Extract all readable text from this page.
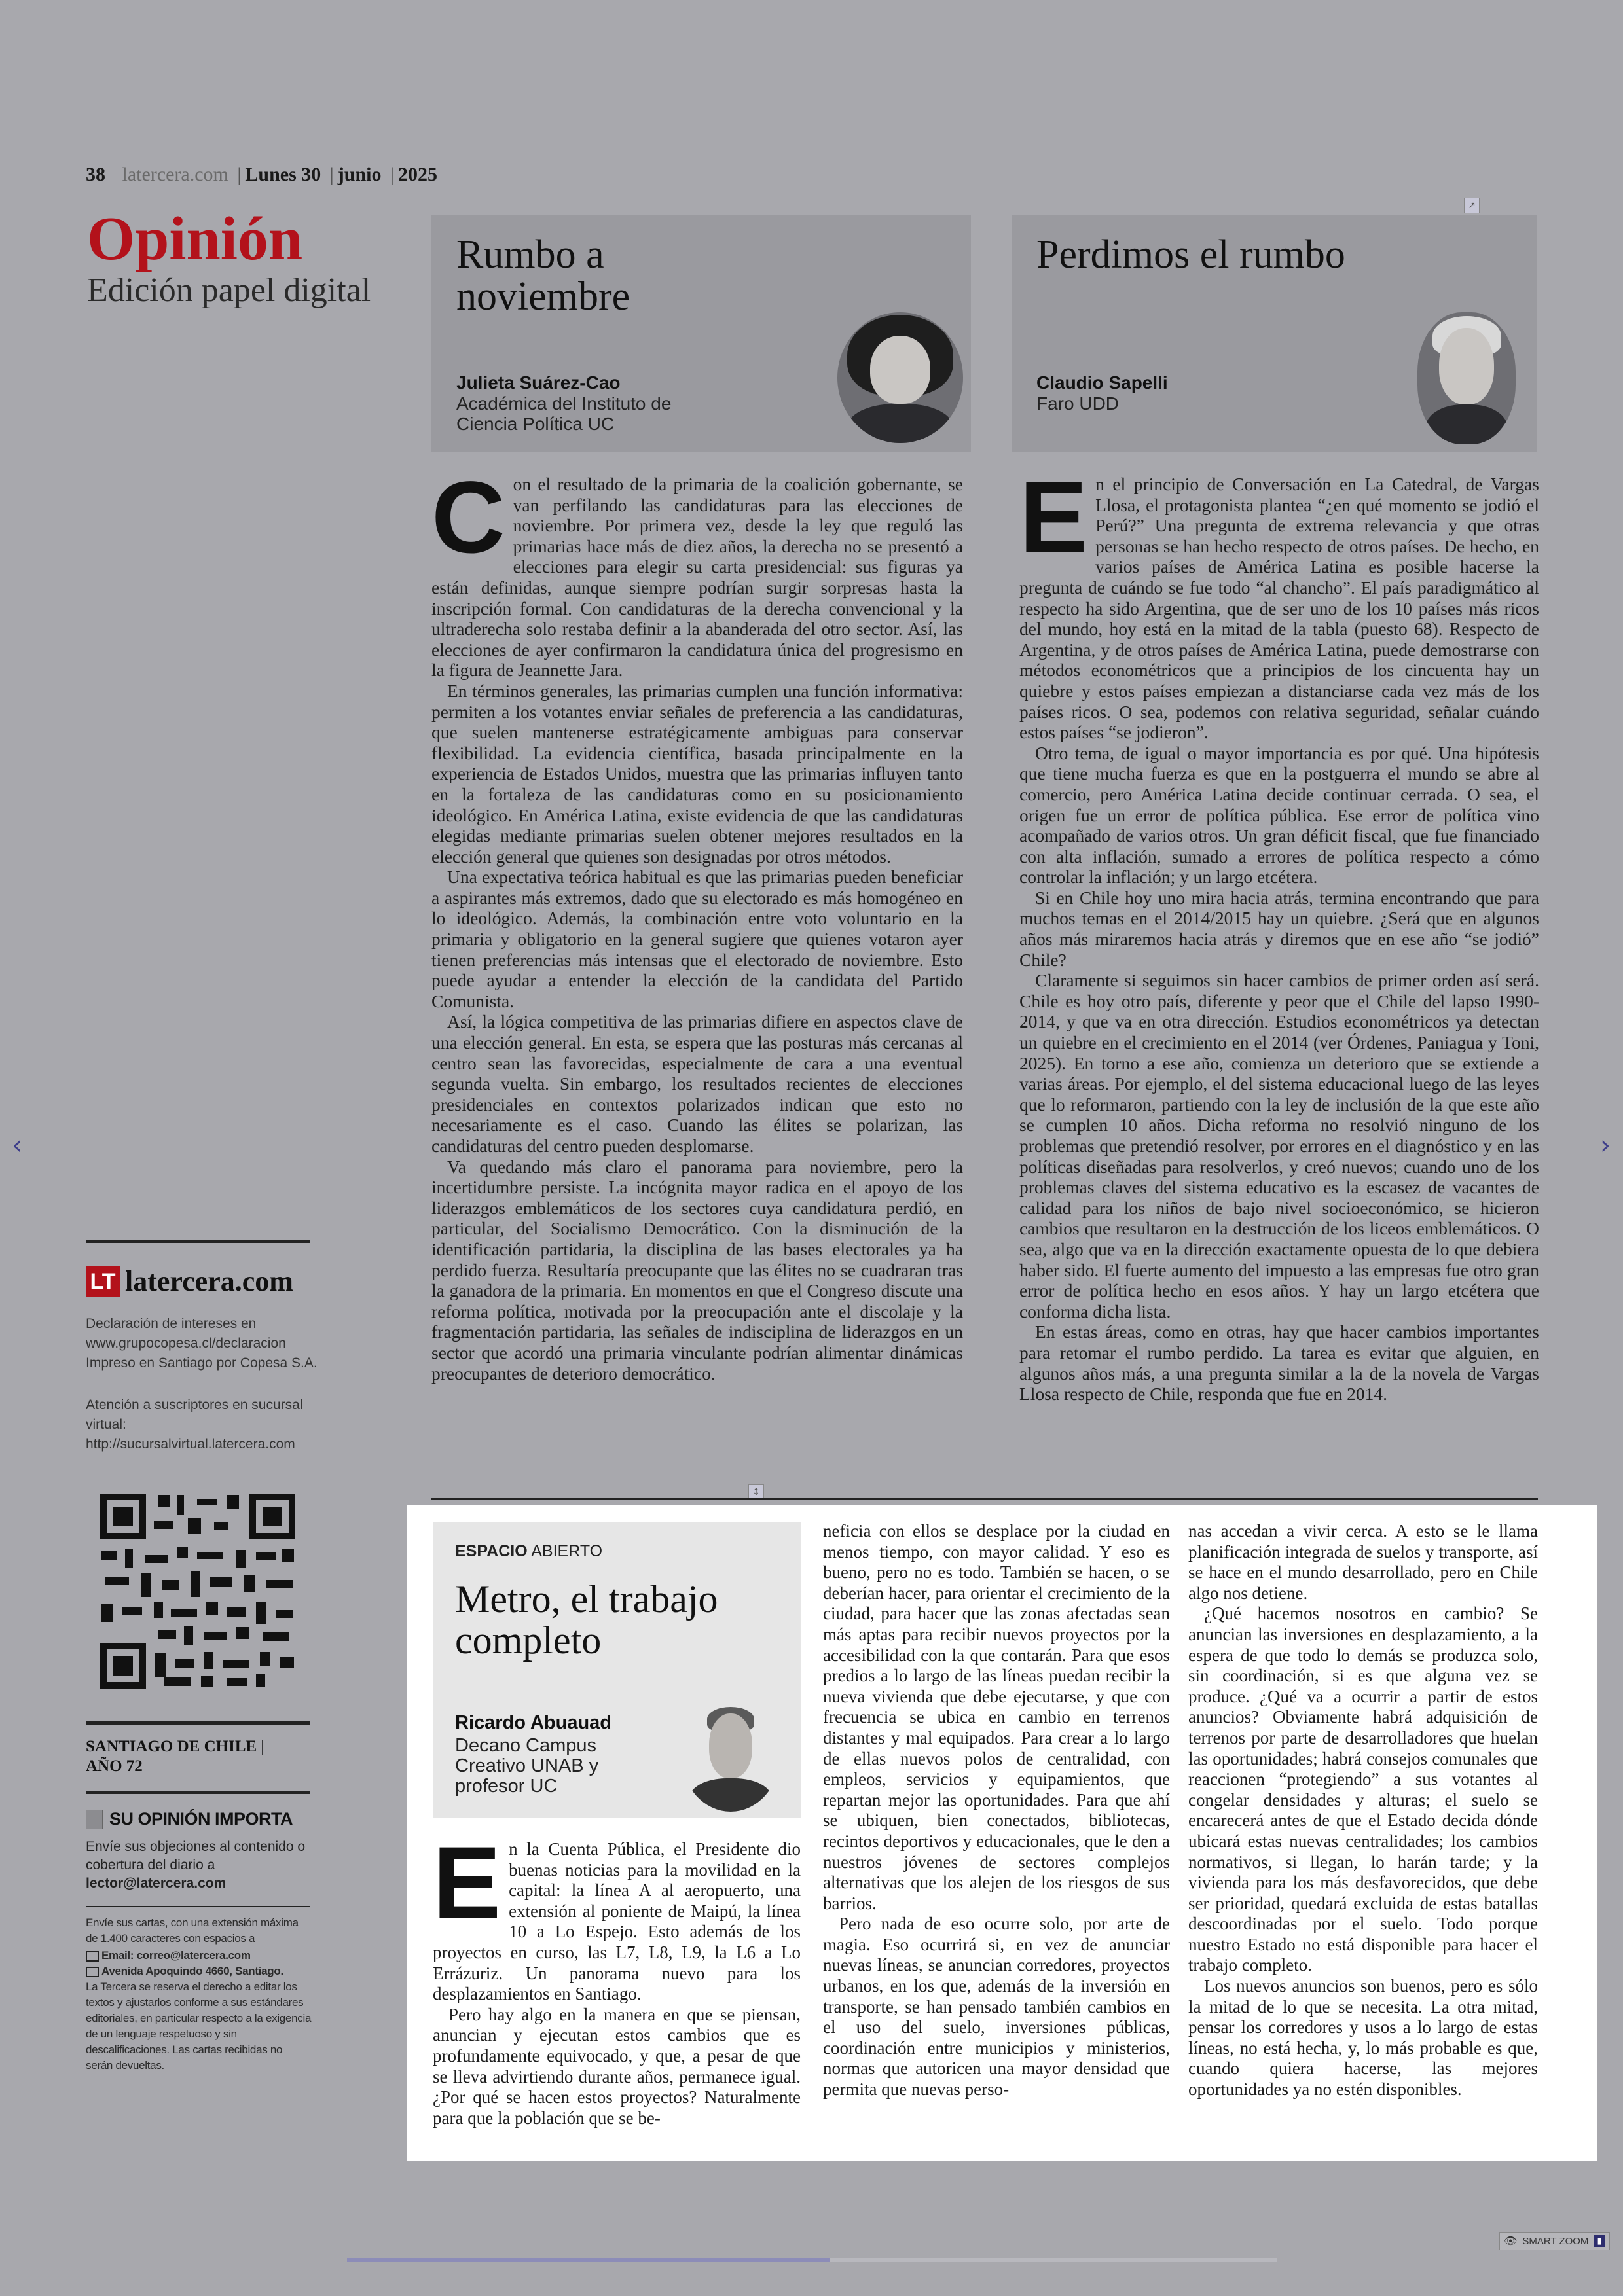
‹	›
38 latercera.com | Lunes 30 | junio | 2025
Opinión
Edición papel digital
↗
↕
Rumbo a noviembre
Julieta Suárez-Cao
Académica del Instituto de Ciencia Política UC
Perdimos el rumbo
Claudio Sapelli
Faro UDD

Con el resultado de la primaria de la coalición gobernante, se van perfilando las candidaturas para las elecciones de noviembre. Por primera vez, desde la ley que reguló las primarias hace más de diez años, la derecha no se presentó a elecciones para elegir su carta presidencial: sus figuras ya están definidas, aunque siempre podrían surgir sorpresas hasta la inscripción formal. Con candidaturas de la derecha convencional y la ultraderecha solo restaba definir a la abanderada del otro sector. Así, las elecciones de ayer confirmaron la candidatura única del progresismo en la figura de Jeannette Jara.

En términos generales, las primarias cumplen una función informativa: permiten a los votantes enviar señales de preferencia a las candidaturas, que suelen mantenerse estratégicamente ambiguas para conservar flexibilidad. La evidencia científica, basada principalmente en la experiencia de Estados Unidos, muestra que las primarias influyen tanto en la fortaleza de las candidaturas como en su posicionamiento ideológico. En América Latina, existe evidencia de que las candidaturas elegidas mediante primarias suelen obtener mejores resultados en la elección general que quienes son designadas por otros métodos.

Una expectativa teórica habitual es que las primarias pueden beneficiar a aspirantes más extremos, dado que su electorado es más homogéneo en lo ideológico. Además, la combinación entre voto voluntario en la primaria y obligatorio en la general sugiere que quienes votaron ayer tienen preferencias más intensas que el electorado de noviembre. Esto puede ayudar a entender la elección de la candidata del Partido Comunista.

Así, la lógica competitiva de las primarias difiere en aspectos clave de una elección general. En esta, se espera que las posturas más cercanas al centro sean las favorecidas, especialmente de cara a una eventual segunda vuelta. Sin embargo, los resultados recientes de elecciones presidenciales en contextos polarizados indican que esto no necesariamente es el caso. Cuando las élites se polarizan, las candidaturas del centro pueden desplomarse.

Va quedando más claro el panorama para noviembre, pero la incertidumbre persiste. La incógnita mayor radica en el apoyo de los liderazgos emblemáticos de los sectores cuya candidatura perdió, en particular, del Socialismo Democrático. Con la disminución de la identificación partidaria, la disciplina de las bases electorales ya ha perdido fuerza. Resultaría preocupante que las élites no se cuadraran tras la ganadora de la primaria. En momentos en que el Congreso discute una reforma política, motivada por la preocupación ante el discolaje y la fragmentación partidaria, las señales de indisciplina de liderazgos en un sector que acordó una primaria vinculante podrían alimentar dinámicas preocupantes de deterioro democrático.

En el principio de Conversación en La Catedral, de Vargas Llosa, el protagonista plantea “¿en qué momento se jodió el Perú?” Una pregunta de extrema relevancia y que otras personas se han hecho respecto de otros países. De hecho, en varios países de América Latina es posible hacerse la pregunta de cuándo se fue todo “al chancho”. El país paradigmático al respecto ha sido Argentina, que de ser uno de los 10 países más ricos del mundo, hoy está en la mitad de la tabla (puesto 68). Respecto de Argentina, y de otros países de América Latina, puede demostrarse con métodos econométricos que a principios de los cincuenta hay un quiebre y estos países empiezan a distanciarse cada vez más de los países ricos. O sea, podemos con relativa seguridad, señalar cuándo estos países “se jodieron”.

Otro tema, de igual o mayor importancia es por qué. Una hipótesis que tiene mucha fuerza es que en la postguerra el mundo se abre al comercio, pero América Latina decide continuar cerrada. O sea, el origen fue un error de política pública. Ese error de política vino acompañado de varios otros. Un gran déficit fiscal, que fue financiado con alta inflación, sumado a errores de política respecto a cómo controlar la inflación; y un largo etcétera.

Si en Chile hoy uno mira hacia atrás, termina encontrando que para muchos temas en el 2014/2015 hay un quiebre. ¿Será que en algunos años más miraremos hacia atrás y diremos que en ese año “se jodió” Chile?

Claramente si seguimos sin hacer cambios de primer orden así será. Chile es hoy otro país, diferente y peor que el Chile del lapso 1990-2014, y que va en otra dirección. Estudios econométricos ya detectan un quiebre en el crecimiento en el 2014 (ver Órdenes, Paniagua y Toni, 2025). En torno a ese año, comienza un deterioro que se extiende a varias áreas. Por ejemplo, el del sistema educacional luego de las leyes que lo reformaron, partiendo con la ley de inclusión de la que este año se cumplen 10 años. Dicha reforma no resolvió ninguno de los problemas que pretendió resolver, por errores en el diagnóstico y en las políticas diseñadas para resolverlos, y creó nuevos; cuando uno de los problemas claves del sistema educativo es la escasez de vacantes de calidad para los niños de bajo nivel socioeconómico, se hicieron cambios que resultaron en la destrucción de los liceos emblemáticos. O sea, algo que va en la dirección exactamente opuesta de lo que debiera haber sido. El fuerte aumento del impuesto a las empresas fue otro gran error de política hecho en esos años. Y hay un largo etcétera que conforma dicha lista.

En estas áreas, como en otras, hay que hacer cambios importantes para retomar el rumbo perdido. La tarea es evitar que alguien, en algunos años más, a una pregunta similar a la de la novela de Vargas Llosa respecto de Chile, responda que fue en 2014.

LT latercera.com
Declaración de intereses en www.grupocopesa.cl/declaracion Impreso en Santiago por Copesa S.A.
Atención a suscriptores en sucursal virtual: http://sucursalvirtual.latercera.com
SANTIAGO DE CHILE |
AÑO 72
SU OPINIÓN IMPORTA
Envíe sus objeciones al contenido o cobertura del diario a lector@latercera.com
Envíe sus cartas, con una extensión máxima de 1.400 caracteres con espacios a
Email: correo@latercera.com
Avenida Apoquindo 4660, Santiago.
La Tercera se reserva el derecho a editar los textos y ajustarlos conforme a sus estándares editoriales, en particular respecto a la exigencia de un lenguaje respetuoso y sin descalificaciones. Las cartas recibidas no serán devueltas.
ESPACIO ABIERTO
Metro, el trabajo completo
Ricardo Abuauad
Decano Campus Creativo UNAB y profesor UC

En la Cuenta Pública, el Presidente dio buenas noticias para la movilidad en la capital: la línea A al aeropuerto, una extensión al poniente de Maipú, la línea 10 a Lo Espejo. Esto además de los proyectos en curso, las L7, L8, L9, la L6 a Lo Errázuriz. Un panorama nuevo para los desplazamientos en Santiago.

Pero hay algo en la manera en que se piensan, anuncian y ejecutan estos cambios que es profundamente equivocado, y que, a pesar de que se lleva advirtiendo durante años, permanece igual. ¿Por qué se hacen estos proyectos? Naturalmente para que la población que se be-

neficia con ellos se desplace por la ciudad en menos tiempo, con mayor calidad. Y eso es bueno, pero no es todo. También se hacen, o se deberían hacer, para orientar el crecimiento de la ciudad, para hacer que las zonas afectadas sean más aptas para recibir nuevos proyectos por la accesibilidad con la que contarán. Para que esos predios a lo largo de las líneas puedan recibir la nueva vivienda que debe ejecutarse, y que con frecuencia se ubica en cambio en terrenos distantes y mal equipados. Para crear a lo largo de ellas nuevos polos de centralidad, con empleos, servicios y equipamientos, que repartan mejor las oportunidades. Para que ahí se ubiquen, bien conectados, bibliotecas, recintos deportivos y educacionales, que le den a nuestros jóvenes de sectores complejos alternativas que los alejen de los riesgos de sus barrios.

Pero nada de eso ocurre solo, por arte de magia. Eso ocurrirá si, en vez de anunciar nuevas líneas, se anuncian corredores, proyectos urbanos, en los que, además de la inversión en transporte, se han pensado también cambios en el uso del suelo, inversiones públicas, coordinación entre municipios y ministerios, normas que autoricen una mayor densidad que permita que nuevas perso-

nas accedan a vivir cerca. A esto se le llama planificación integrada de suelos y transporte, así se hace en el mundo desarrollado, pero en Chile algo nos detiene.

¿Qué hacemos nosotros en cambio? Se anuncian las inversiones en desplazamiento, a la espera de que todo lo demás se produzca solo, sin coordinación, si es que alguna vez se produce. ¿Qué va a ocurrir a partir de estos anuncios? Obviamente habrá adquisición de terrenos por parte de desarrolladores que huelan las oportunidades; habrá consejos comunales que reaccionen “protegiendo” a sus votantes al congelar densidades y alturas; el suelo se encarecerá antes de que el Estado decida dónde ubicará estas nuevas centralidades; los cambios normativos, si llegan, lo harán tarde; y la vivienda para los más desfavorecidos, que debe ser prioridad, quedará excluida de estas batallas descoordinadas por el suelo. Todo porque nuestro Estado no está disponible para hacer el trabajo completo.

Los nuevos anuncios son buenos, pero es sólo la mitad de lo que se necesita. La otra mitad, pensar los corredores y usos a lo largo de estas líneas, no está hecha, y, lo más probable es que, cuando quiera hacerse, las mejores oportunidades ya no estén disponibles.

👁 SMART ZOOM	▮
